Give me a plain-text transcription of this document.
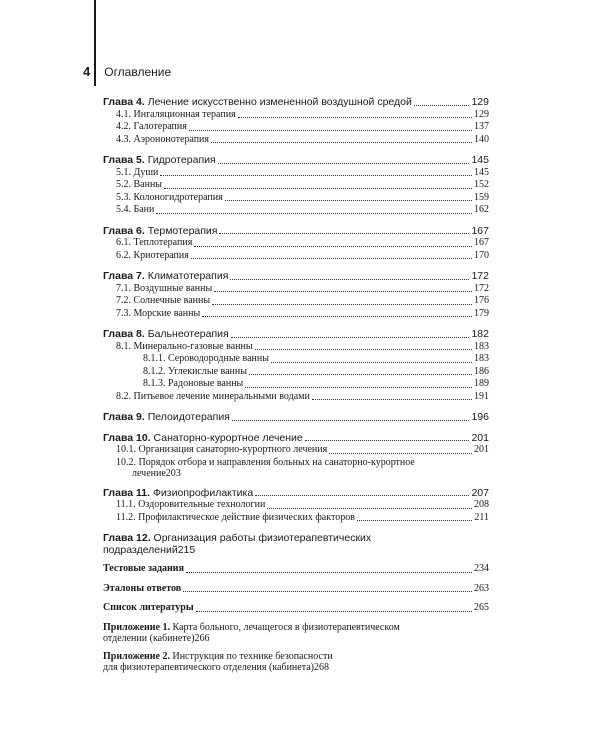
4 Оглавление
Глава 4. Лечение искусственно измененной воздушной средой	129
4.1. Ингаляционная терапия	129
4.2. Галотерапия	137
4.3. Аэрононотерапия	140
Глава 5. Гидротерапия	145
5.1. Души	145
5.2. Ванны	152
5.3. Колоногидротерапия	159
5.4. Бани	162
Глава 6. Термотерапия	167
6.1. Теплотерапия	167
6.2. Криотерапия	170
Глава 7. Климатотерапия	172
7.1. Воздушные ванны	172
7.2. Солнечные ванны	176
7.3. Морские ванны	179
Глава 8. Бальнеотерапия	182
8.1. Минерально-газовые ванны	183
8.1.1. Сероводородные ванны	183
8.1.2. Углекислые ванны	186
8.1.3. Радоновые ванны	189
8.2. Питьевое лечение минеральными водами	191
Глава 9. Пелоидотерапия	196
Глава 10. Санаторно-курортное лечение	201
10.1. Организация санаторно-курортного лечения	201
10.2. Порядок отбора и направления больных на санаторно-курортное
лечение 203
Глава 11. Физиопрофилактика	207
11.1. Оздоровительные технологии	208
11.2. Профилактическое действие физических факторов	211
Глава 12. Организация работы физиотерапевтических
подразделений 215
Тестовые задания	234
Эталоны ответов	263
Список литературы	265
Приложение 1. Карта больного, лечащегося в физиотерапевтическом
отделении (кабинете) 266
Приложение 2. Инструкция по технике безопасности
для физиотерапевтического отделения (кабинета) 268
